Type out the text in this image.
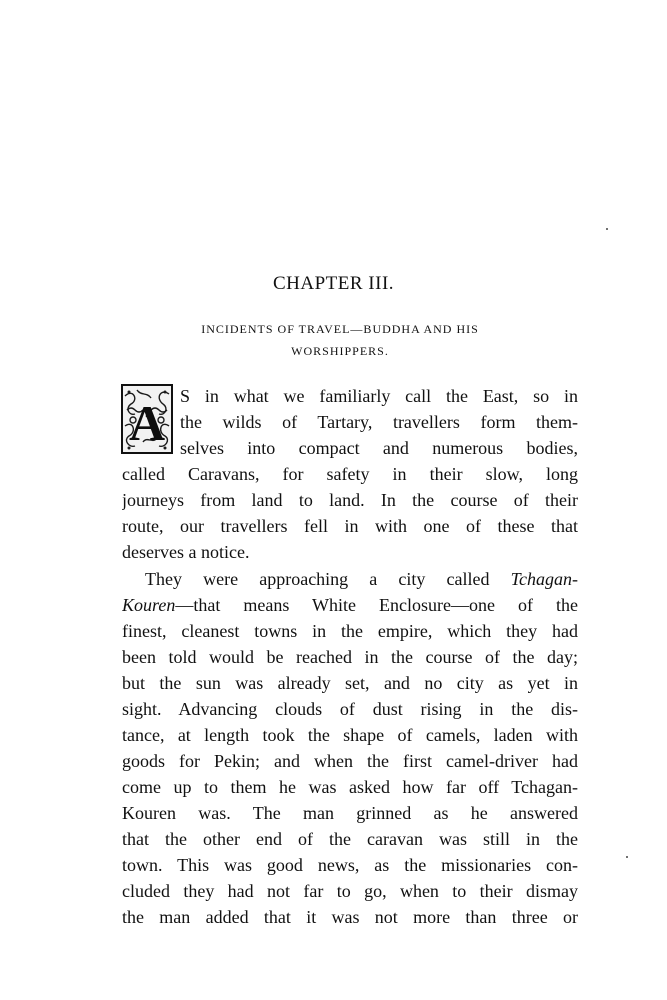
CHAPTER III.
INCIDENTS OF TRAVEL—BUDDHA AND HIS
WORSHIPPERS.
A S in what we familiarly call the East, so in
the wilds of Tartary, travellers form them-
selves into compact and numerous bodies,
called Caravans, for safety in their slow, long
journeys from land to land. In the course of their
route, our travellers fell in with one of these that
deserves a notice.
They were approaching a city called Tchagan-
Kouren—that means White Enclosure—one of the
finest, cleanest towns in the empire, which they had
been told would be reached in the course of the day;
but the sun was already set, and no city as yet in
sight. Advancing clouds of dust rising in the dis-
tance, at length took the shape of camels, laden with
goods for Pekin; and when the first camel-driver had
come up to them he was asked how far off Tchagan-
Kouren was. The man grinned as he answered
that the other end of the caravan was still in the
town. This was good news, as the missionaries con-
cluded they had not far to go, when to their dismay
the man added that it was not more than three or
